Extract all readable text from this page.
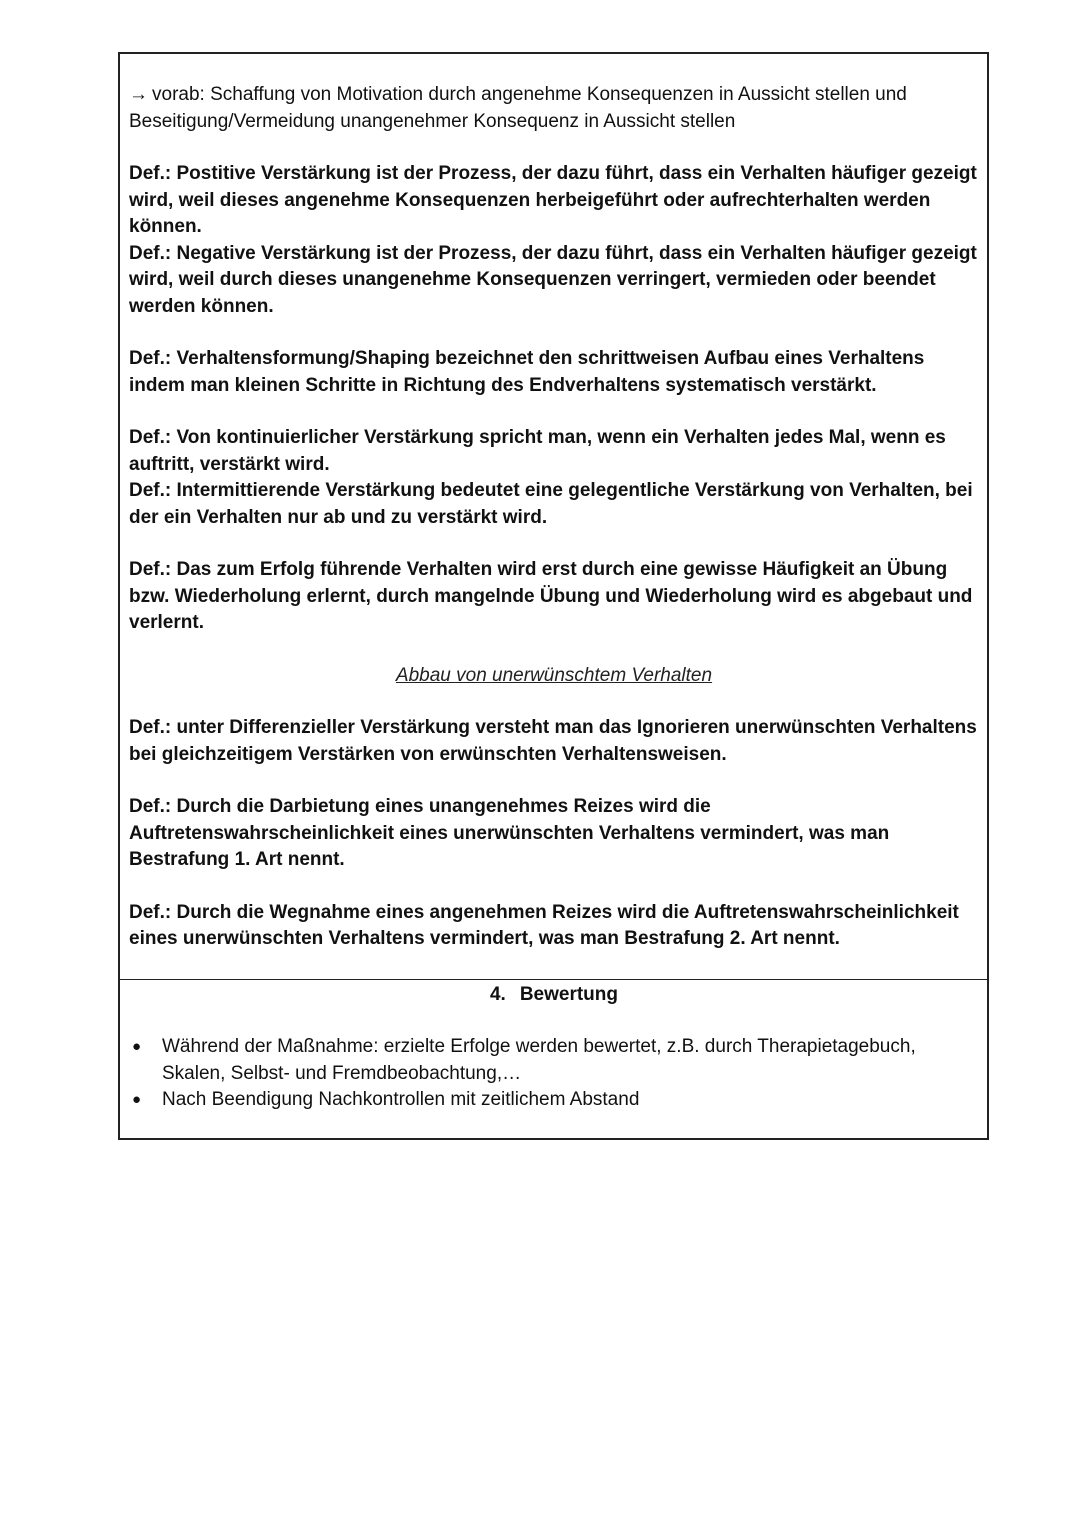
→ vorab: Schaffung von Motivation durch angenehme Konsequenzen in Aussicht stellen und Beseitigung/Vermeidung unangenehmer Konsequenz in Aussicht stellen

Def.: Postitive Verstärkung ist der Prozess, der dazu führt, dass ein Verhalten häufiger gezeigt wird, weil dieses angenehme Konsequenzen herbeigeführt oder aufrechterhalten werden können.

Def.: Negative Verstärkung ist der Prozess, der dazu führt, dass ein Verhalten häufiger gezeigt wird, weil durch dieses unangenehme Konsequenzen verringert, vermieden oder beendet werden können.

Def.: Verhaltensformung/Shaping bezeichnet den schrittweisen Aufbau eines Verhaltens indem man kleinen Schritte in Richtung des Endverhaltens systematisch verstärkt.

Def.: Von kontinuierlicher Verstärkung spricht man, wenn ein Verhalten jedes Mal, wenn es auftritt, verstärkt wird.

Def.: Intermittierende Verstärkung bedeutet eine gelegentliche Verstärkung von Verhalten, bei der ein Verhalten nur ab und zu verstärkt wird.

Def.: Das zum Erfolg führende Verhalten wird erst durch eine gewisse Häufigkeit an Übung bzw. Wiederholung erlernt, durch mangelnde Übung und Wiederholung wird es abgebaut und verlernt.

Abbau von unerwünschtem Verhalten

Def.: unter Differenzieller Verstärkung versteht man das Ignorieren unerwünschten Verhaltens bei gleichzeitigem Verstärken von erwünschten Verhaltensweisen.

Def.: Durch die Darbietung eines unangenehmes Reizes wird die Auftretenswahrscheinlichkeit eines unerwünschten Verhaltens vermindert, was man Bestrafung 1. Art nennt.

Def.: Durch die Wegnahme eines angenehmen Reizes wird die Auftretenswahrscheinlichkeit eines unerwünschten Verhaltens vermindert, was man Bestrafung 2. Art nennt.

4. Bewertung
● Während der Maßnahme: erzielte Erfolge werden bewertet, z.B. durch Therapietagebuch, Skalen, Selbst- und Fremdbeobachtung,…
● Nach Beendigung Nachkontrollen mit zeitlichem Abstand
